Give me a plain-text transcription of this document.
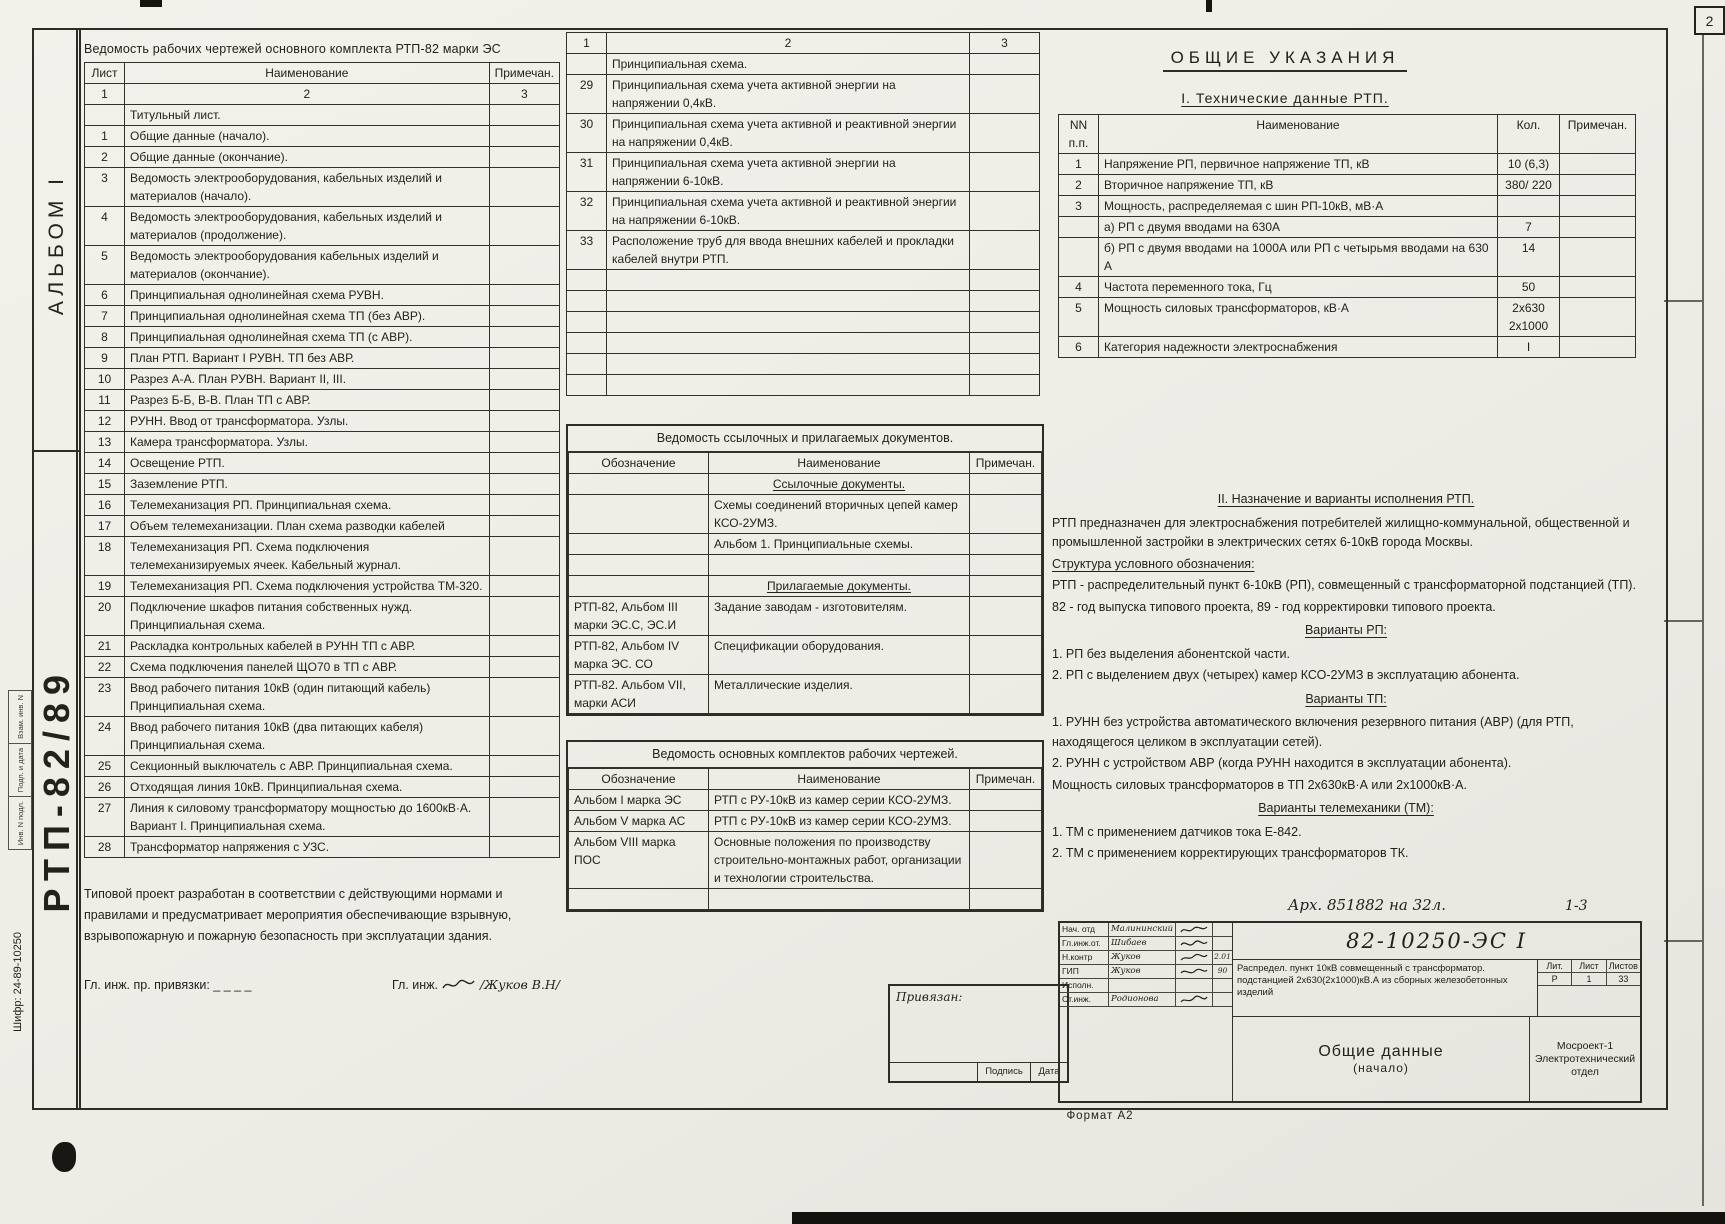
2
АЛЬБОМ I
РТП-82/89
Взам. инв. N
Подп. и дата
Инв. N подл.
Шифр: 24-89-10250
Ведомость рабочих чертежей основного комплекта РТП-82 марки ЭС
Лист	Наименование	Примечан.
1	2	3
	Титульный лист.	
1	Общие данные (начало).	
2	Общие данные (окончание).	
3	Ведомость электрооборудования, кабельных изделий и материалов (начало).	
4	Ведомость электрооборудования, кабельных изделий и материалов (продолжение).	
5	Ведомость электрооборудования кабельных изделий и материалов (окончание).	
6	Принципиальная однолинейная схема РУВН.	
7	Принципиальная однолинейная схема ТП (без АВР).	
8	Принципиальная однолинейная схема ТП (с АВР).	
9	План РТП. Вариант I РУВН. ТП без АВР.	
10	Разрез А-А. План РУВН. Вариант II, III.	
11	Разрез Б-Б, В-В. План ТП с АВР.	
12	РУНН. Ввод от трансформатора. Узлы.	
13	Камера трансформатора. Узлы.	
14	Освещение РТП.	
15	Заземление РТП.	
16	Телемеханизация РП. Принципиальная схема.	
17	Объем телемеханизации. План схема разводки кабелей	
18	Телемеханизация РП. Схема подключения телемеханизируемых ячеек. Кабельный журнал.	
19	Телемеханизация РП. Схема подключения устройства ТМ-320.	
20	Подключение шкафов питания собственных нужд. Принципиальная схема.	
21	Раскладка контрольных кабелей в РУНН ТП с АВР.	
22	Схема подключения панелей ЩО70 в ТП с АВР.	
23	Ввод рабочего питания 10кВ (один питающий кабель) Принципиальная схема.	
24	Ввод рабочего питания 10кВ (два питающих кабеля) Принципиальная схема.	
25	Секционный выключатель с АВР. Принципиальная схема.	
26	Отходящая линия 10кВ. Принципиальная схема.	
27	Линия к силовому трансформатору мощностью до 1600кВ·А. Вариант I. Принципиальная схема.	
28	Трансформатор напряжения с УЗС.	
Типовой проект разработан в соответствии с действующими нормами и правилами и предусматривает мероприятия обеспечивающие взрывную, взрывопожарную и пожарную безопасность при эксплуатации здания.
Гл. инж. пр. привязки: _ _ _ _	Гл. инж.	/Жуков В.Н/
1	2	3
	Принципиальная схема.	
29	Принципиальная схема учета активной энергии на напряжении 0,4кВ.	
30	Принципиальная схема учета активной и реактивной энергии на напряжении 0,4кВ.	
31	Принципиальная схема учета активной энергии на напряжении 6-10кВ.	
32	Принципиальная схема учета активной и реактивной энергии на напряжении 6-10кВ.	
33	Расположение труб для ввода внешних кабелей и прокладки кабелей внутри РТП.	

Ведомость ссылочных и прилагаемых документов.
Обозначение	Наименование	Примечан.
	Ссылочные документы.	
	Схемы соединений вторичных цепей камер КСО-2УМЗ.	
	Альбом 1. Принципиальные схемы.	

	Прилагаемые документы.	
РТП-82, Альбом III марки ЭС.С, ЭС.И	Задание заводам - изготовителям.	
РТП-82, Альбом IV марка ЭС. СО	Спецификации оборудования.	
РТП-82. Альбом VII, марки АСИ	Металлические изделия.	
Ведомость основных комплектов рабочих чертежей.
Обозначение	Наименование	Примечан.
Альбом I марка ЭС	РТП с РУ-10кВ из камер серии КСО-2УМЗ.	
Альбом V марка АС	РТП с РУ-10кВ из камер серии КСО-2УМЗ.	
Альбом VIII марка ПОС	Основные положения по производству строительно-монтажных работ, организации и технологии строительства.	

Привязан:
Подпись	Дата
ОБЩИЕ УКАЗАНИЯ
I. Технические данные РТП.
NN п.п.	Наименование	Кол.	Примечан.
1	Напряжение РП, первичное напряжение ТП, кВ	10 (6,3)	
2	Вторичное напряжение ТП, кВ	380/ 220	
3	Мощность, распределяемая с шин РП-10кВ, мВ·А		
	а) РП с двумя вводами на 630А	7	
	б) РП с двумя вводами на 1000А или РП с четырьмя вводами на 630 А	14	
4	Частота переменного тока, Гц	50	
5	Мощность силовых трансформаторов, кВ·А	2x630 2x1000	
6	Категория надежности электроснабжения	I	
II. Назначение и варианты исполнения РТП.
РТП предназначен для электроснабжения потребителей жилищно-коммунальной, общественной и промышленной застройки в электрических сетях 6-10кВ города Москвы.
Структура условного обозначения:
РТП - распределительный пункт 6-10кВ (РП), совмещенный с трансформаторной подстанцией (ТП).
82 - год выпуска типового проекта, 89 - год корректировки типового проекта.
Варианты РП:
1. РП без выделения абонентской части.
2. РП с выделением двух (четырех) камер КСО-2УМЗ в эксплуатацию абонента.
Варианты ТП:
1. РУНН без устройства автоматического включения резервного питания (АВР) (для РТП, находящегося целиком в эксплуатации сетей).
2. РУНН с устройством АВР (когда РУНН находится в эксплуатации абонента).
Мощность силовых трансформаторов в ТП 2x630кВ·А или 2x1000кВ·А.
Варианты телемеханики (ТМ):
1. ТМ с применением датчиков тока Е-842.
2. ТМ с применением корректирующих трансформаторов ТК.
Арх. 851882 на 32л.	1-3
Нач. отд	Малининский
Гл.инж.от.	Шибаев
Н.контр	Жуков	2.01
ГИП	Жуков	90
Исполн.
Ст.инж.	Родионова
82-10250-ЭС I
Распредел. пункт 10кВ совмещенный с трансформатор. подстанцией 2х630(2х1000)кВ.А из сборных железобетонных изделий
Лит.	Лист	Листов
Р	1	33
Общие данные
(начало)
Мосроект-1
Электротехнический отдел
Формат А2
